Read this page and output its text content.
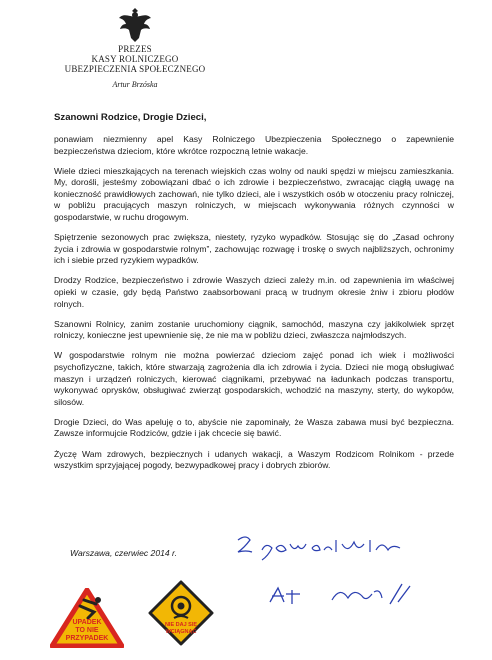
PREZES
KASY ROLNICZEGO
UBEZPIECZENIA SPOŁECZNEGO
Artur Brzóska

Szanowni Rodzice, Drogie Dzieci,

ponawiam niezmienny apel Kasy Rolniczego Ubezpieczenia Społecznego o zapewnienie bezpieczeństwa dzieciom, które wkrótce rozpoczną letnie wakacje.

Wiele dzieci mieszkających na terenach wiejskich czas wolny od nauki spędzi w miejscu zamieszkania. My, dorośli, jesteśmy zobowiązani dbać o ich zdrowie i bezpieczeństwo, zwracając ciągłą uwagę na konieczność prawidłowych zachowań, nie tylko dzieci, ale i wszystkich osób w otoczeniu pracy rolniczej, w pobliżu pracujących maszyn rolniczych, w miejscach wykonywania różnych czynności w gospodarstwie, w ruchu drogowym.

Spiętrzenie sezonowych prac zwiększa, niestety, ryzyko wypadków. Stosując się do „Zasad ochrony życia i zdrowia w gospodarstwie rolnym”, zachowując rozwagę i troskę o swych najbliższych, ochronimy ich i siebie przed ryzykiem wypadków.

Drodzy Rodzice, bezpieczeństwo i zdrowie Waszych dzieci zależy m.in. od zapewnienia im właściwej opieki w czasie, gdy będą Państwo zaabsorbowani pracą w trudnym okresie żniw i zbioru płodów rolnych.

Szanowni Rolnicy, zanim zostanie uruchomiony ciągnik, samochód, maszyna czy jakikolwiek sprzęt rolniczy, konieczne jest upewnienie się, że nie ma w pobliżu dzieci, zwłaszcza najmłodszych.

W gospodarstwie rolnym nie można powierzać dzieciom zajęć ponad ich wiek i możliwości psychofizyczne, takich, które stwarzają zagrożenia dla ich zdrowia i życia. Dzieci nie mogą obsługiwać maszyn i urządzeń rolniczych, kierować ciągnikami, przebywać na ładunkach podczas transportu, wykonywać oprysków, obsługiwać zwierząt gospodarskich, wchodzić na maszyny, sterty, do wykopów, silosów.

Drogie Dzieci, do Was apeluję o to, abyście nie zapominały, że Wasza zabawa musi być bezpieczna. Zawsze informujcie Rodziców, gdzie i jak chcecie się bawić.

Życzę Wam zdrowych, bezpiecznych i udanych wakacji, a Waszym Rodzicom Rolnikom - przede wszystkim sprzyjającej pogody, bezwypadkowej pracy i dobrych zbiorów.

Warszawa, czerwiec 2014 r.
UPADEK
TO NIE
PRZYPADEK
NIE DAJ SIĘ
WCIĄGNĄĆ
